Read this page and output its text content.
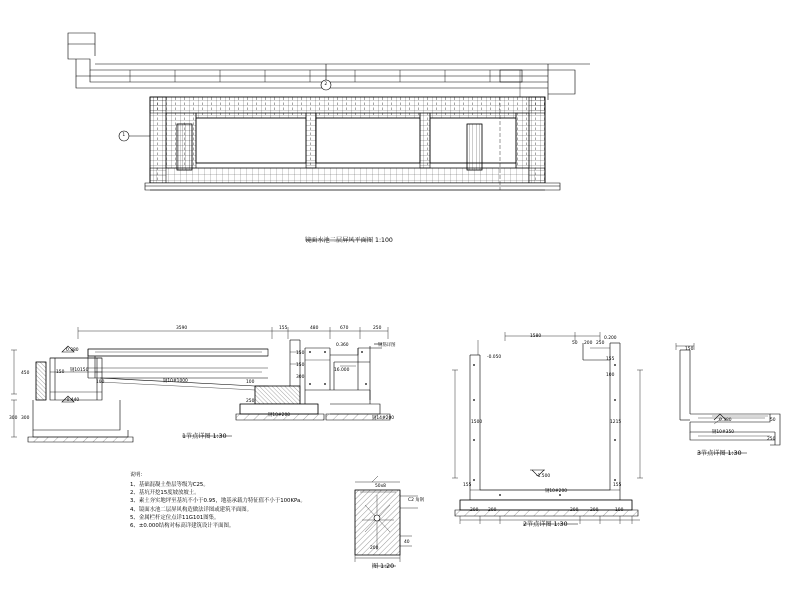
3590	155	480	670	250
450
300
300
150
100
0.380
-0.440
钢10150
钢10#1000	100
250
150
150
300
0.360	钢筋详图
16.000
钢10#200
钢14#200
1580
50 200 250
0.200
-0.050	155
100
1500	1215
-1.500
钢10#200
200 200	200	200	100
155	155
150
0.380
钢10#350
250
50
50x8
C2 角钢
200
40
1
2
镜面水池二层屏风平面图 1:100
1节点详图 1:30
2节点详图 1:30
3节点详图 1:30
图 1:20
说明：
1、基础混凝土垫层等级为C25。
2、基坑开挖15度坡放坡土。
3、素土夯实地坪至基坑不小于0.95，地基承载力特征值不小于100KPa。
4、镜面水池二层屏风构造做法详图或建筑平面图。
5、金属栏杆定位点详11G101图集。
6、±0.000结构对标高详建筑设计平面图。
